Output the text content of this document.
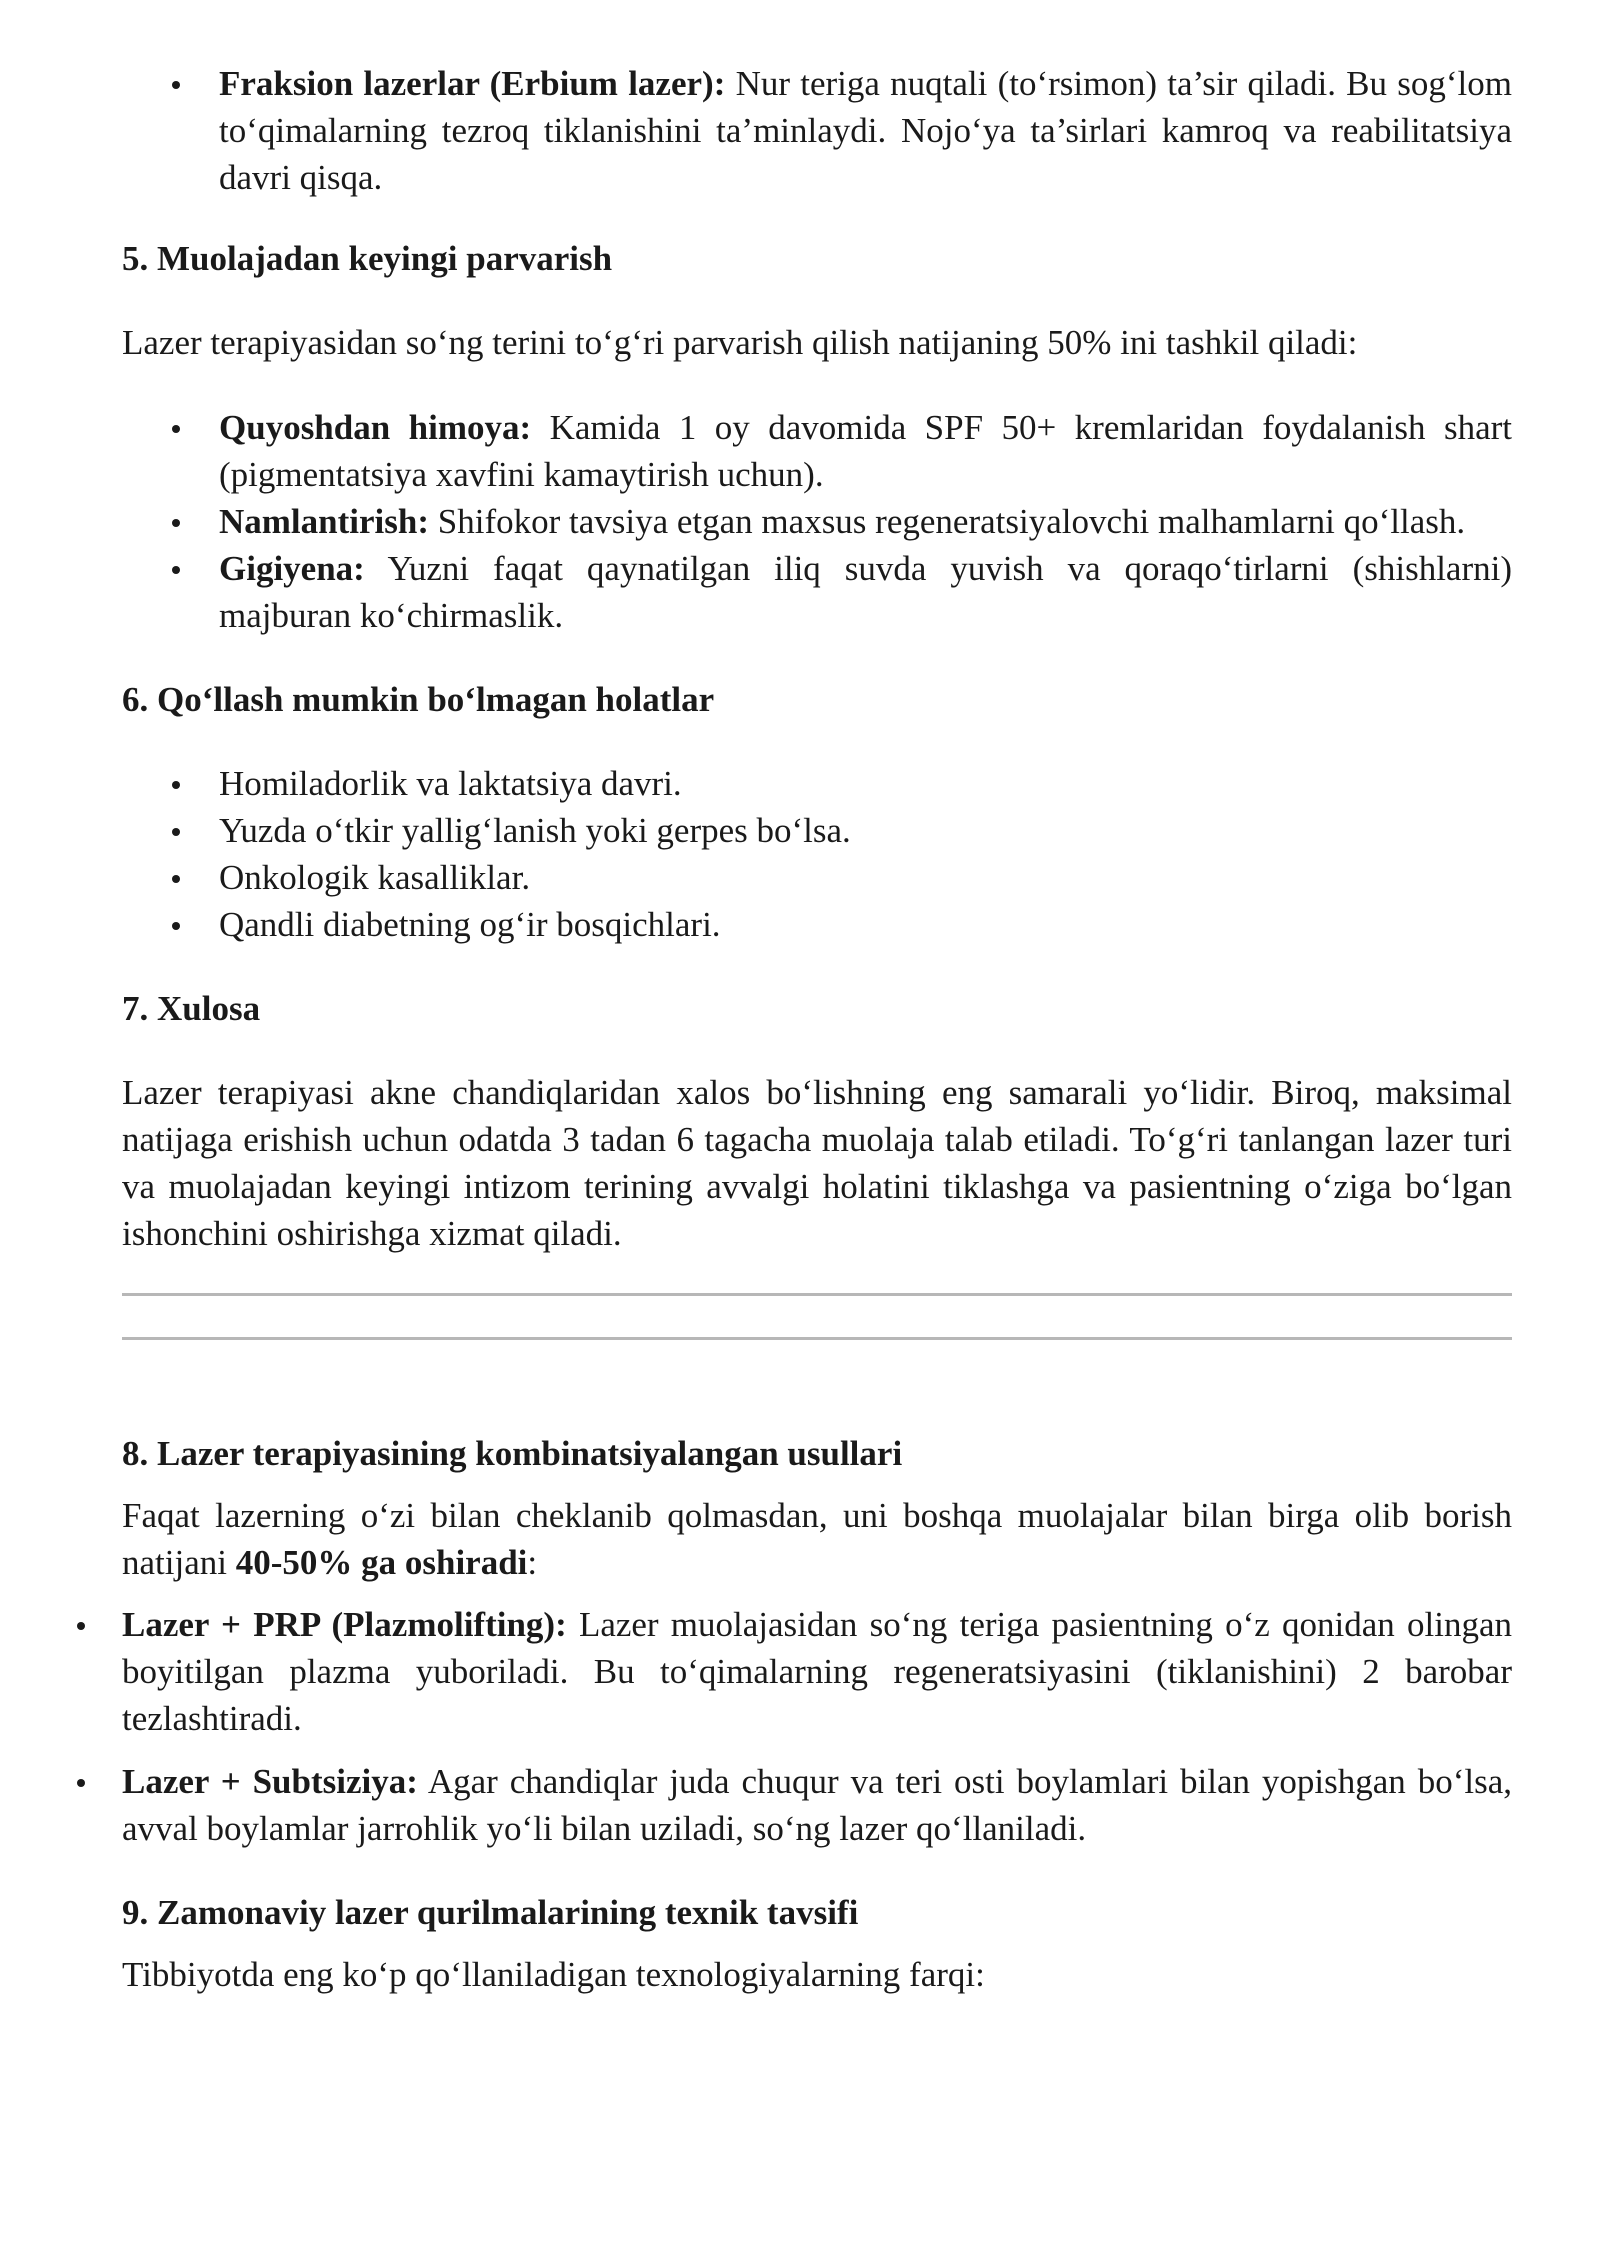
Fraksion lazerlar (Erbium lazer): Nur teriga nuqtali (to‘rsimon) ta’sir qiladi. Bu sog‘lom to‘qimalarning tezroq tiklanishini ta’minlaydi. Nojo‘ya ta’sirlari kamroq va reabilitatsiya davri qisqa.
5. Muolajadan keyingi parvarish

Lazer terapiyasidan so‘ng terini to‘g‘ri parvarish qilish natijaning 50% ini tashkil qiladi:

Quyoshdan himoya: Kamida 1 oy davomida SPF 50+ kremlaridan foydalanish shart (pigmentatsiya xavfini kamaytirish uchun).
Namlantirish: Shifokor tavsiya etgan maxsus regeneratsiyalovchi malhamlarni qo‘llash.
Gigiyena: Yuzni faqat qaynatilgan iliq suvda yuvish va qoraqo‘tirlarni (shishlarni) majburan ko‘chirmaslik.
6. Qo‘llash mumkin bo‘lmagan holatlar
Homiladorlik va laktatsiya davri.
Yuzda o‘tkir yallig‘lanish yoki gerpes bo‘lsa.
Onkologik kasalliklar.
Qandli diabetning og‘ir bosqichlari.
7. Xulosa

Lazer terapiyasi akne chandiqlaridan xalos bo‘lishning eng samarali yo‘lidir. Biroq, maksimal natijaga erishish uchun odatda 3 tadan 6 tagacha muolaja talab etiladi. To‘g‘ri tanlangan lazer turi va muolajadan keyingi intizom terining avvalgi holatini tiklashga va pasientning o‘ziga bo‘lgan ishonchini oshirishga xizmat qiladi.

8. Lazer terapiyasining kombinatsiyalangan usullari

Faqat lazerning o‘zi bilan cheklanib qolmasdan, uni boshqa muolajalar bilan birga olib borish natijani 40-50% ga oshiradi:

Lazer + PRP (Plazmolifting): Lazer muolajasidan so‘ng teriga pasientning o‘z qonidan olingan boyitilgan plazma yuboriladi. Bu to‘qimalarning regeneratsiyasini (tiklanishini) 2 barobar tezlashtiradi.
Lazer + Subtsiziya: Agar chandiqlar juda chuqur va teri osti boylamlari bilan yopishgan bo‘lsa, avval boylamlar jarrohlik yo‘li bilan uziladi, so‘ng lazer qo‘llaniladi.
9. Zamonaviy lazer qurilmalarining texnik tavsifi

Tibbiyotda eng ko‘p qo‘llaniladigan texnologiyalarning farqi:
